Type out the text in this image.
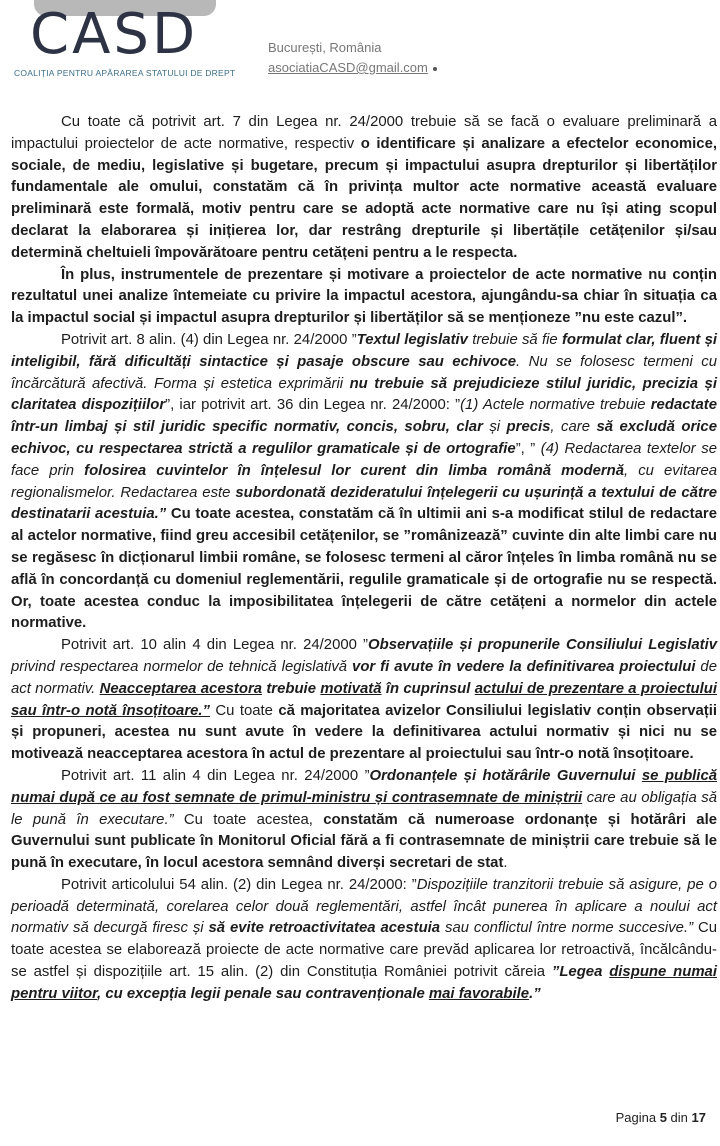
CASD
COALIȚIA PENTRU APĂRAREA STATULUI DE DREPT
București, România
asociatiaCASD@gmail.com

Cu toate că potrivit art. 7 din Legea nr. 24/2000 trebuie să se facă o evaluare preliminară a impactului proiectelor de acte normative, respectiv o identificare și analizare a efectelor economice, sociale, de mediu, legislative și bugetare, precum și impactului asupra drepturilor și libertăților fundamentale ale omului, constatăm că în privința multor acte normative această evaluare preliminară este formală, motiv pentru care se adoptă acte normative care nu își ating scopul declarat la elaborarea și inițierea lor, dar restrâng drepturile și libertățile cetățenilor și/sau determină cheltuieli împovărătoare pentru cetățeni pentru a le respecta.

În plus, instrumentele de prezentare și motivare a proiectelor de acte normative nu conțin rezultatul unei analize întemeiate cu privire la impactul acestora, ajungându-sa chiar în situația ca la impactul social și impactul asupra drepturilor și libertăților să se menționeze ”nu este cazul”.

Potrivit art. 8 alin. (4) din Legea nr. 24/2000 ”Textul legislativ trebuie să fie formulat clar, fluent și inteligibil, fără dificultăți sintactice și pasaje obscure sau echivoce. Nu se folosesc termeni cu încărcătură afectivă. Forma și estetica exprimării nu trebuie să prejudicieze stilul juridic, precizia și claritatea dispozițiilor”, iar potrivit art. 36 din Legea nr. 24/2000: ”(1) Actele normative trebuie redactate într-un limbaj și stil juridic specific normativ, concis, sobru, clar și precis, care să excludă orice echivoc, cu respectarea strictă a regulilor gramaticale și de ortografie”, ” (4) Redactarea textelor se face prin folosirea cuvintelor în înțelesul lor curent din limba română modernă, cu evitarea regionalismelor. Redactarea este subordonată dezideratului înțelegerii cu ușurință a textului de către destinatarii acestuia.” Cu toate acestea, constatăm că în ultimii ani s-a modificat stilul de redactare al actelor normative, fiind greu accesibil cetățenilor, se ”românizează” cuvinte din alte limbi care nu se regăsesc în dicționarul limbii române, se folosesc termeni al căror înțeles în limba română nu se află în concordanță cu domeniul reglementării, regulile gramaticale și de ortografie nu se respectă. Or, toate acestea conduc la imposibilitatea înțelegerii de către cetățeni a normelor din actele normative.

Potrivit art. 10 alin 4 din Legea nr. 24/2000 ”Observațiile și propunerile Consiliului Legislativ privind respectarea normelor de tehnică legislativă vor fi avute în vedere la definitivarea proiectului de act normativ. Neacceptarea acestora trebuie motivată în cuprinsul actului de prezentare a proiectului sau într-o notă însoțitoare.” Cu toate că majoritatea avizelor Consiliului legislativ conțin observații și propuneri, acestea nu sunt avute în vedere la definitivarea actului normativ și nici nu se motivează neacceptarea acestora în actul de prezentare al proiectului sau într-o notă însoțitoare.

Potrivit art. 11 alin 4 din Legea nr. 24/2000 ”Ordonanțele și hotărârile Guvernului se publică numai după ce au fost semnate de primul-ministru și contrasemnate de miniștrii care au obligația să le pună în executare.” Cu toate acestea, constatăm că numeroase ordonanțe și hotărâri ale Guvernului sunt publicate în Monitorul Oficial fără a fi contrasemnate de miniștrii care trebuie să le pună în executare, în locul acestora semnând diverși secretari de stat.

Potrivit articolului 54 alin. (2) din Legea nr. 24/2000: ”Dispozițiile tranzitorii trebuie să asigure, pe o perioadă determinată, corelarea celor două reglementări, astfel încât punerea în aplicare a noului act normativ să decurgă firesc și să evite retroactivitatea acestuia sau conflictul între norme succesive.” Cu toate acestea se elaborează proiecte de acte normative care prevăd aplicarea lor retroactivă, încălcându-se astfel și dispozițiile art. 15 alin. (2) din Constituția României potrivit căreia ”Legea dispune numai pentru viitor, cu excepția legii penale sau contravenționale mai favorabile.”

Pagina 5 din 17
